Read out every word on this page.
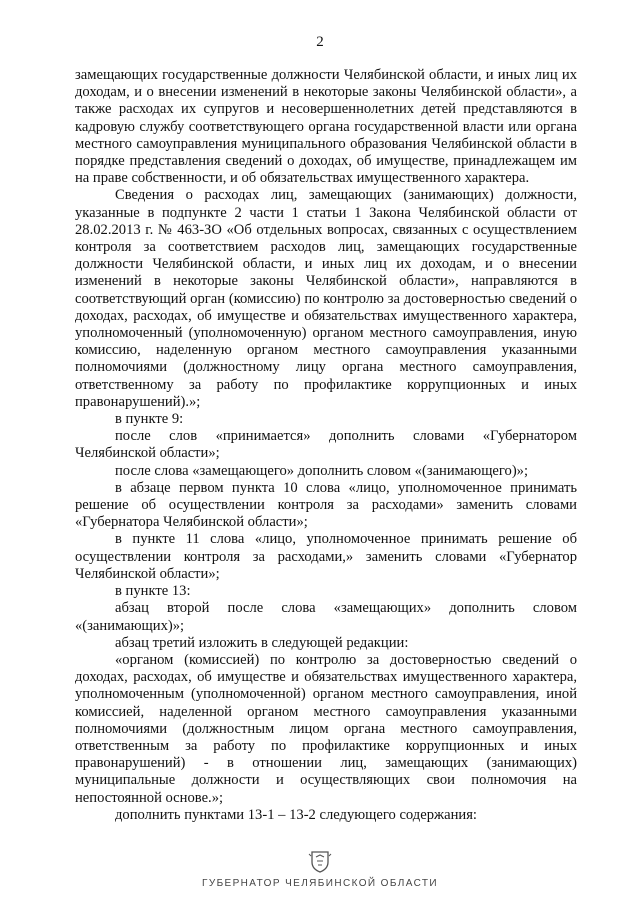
2

замещающих государственные должности Челябинской области, и иных лиц их доходам, и о внесении изменений в некоторые законы Челябинской области», а также расходах их супругов и несовершеннолетних детей представляются в кадровую службу соответствующего органа государственной власти или органа местного самоуправления муниципального образования Челябинской области в порядке представления сведений о доходах, об имуществе, принадлежащем им на праве собственности, и об обязательствах имущественного характера.

Сведения о расходах лиц, замещающих (занимающих) должности, указанные в подпункте 2 части 1 статьи 1 Закона Челябинской области от 28.02.2013 г. № 463-ЗО «Об отдельных вопросах, связанных с осуществлением контроля за соответствием расходов лиц, замещающих государственные должности Челябинской области, и иных лиц их доходам, и о внесении изменений в некоторые законы Челябинской области», направляются в соответствующий орган (комиссию) по контролю за достоверностью сведений о доходах, расходах, об имуществе и обязательствах имущественного характера, уполномоченный (уполномоченную) органом местного самоуправления, иную комиссию, наделенную органом местного самоуправления указанными полномочиями (должностному лицу органа местного самоуправления, ответственному за работу по профилактике коррупционных и иных правонарушений).»;

в пункте 9:

после слов «принимается» дополнить словами «Губернатором Челябинской области»;

после слова «замещающего» дополнить словом «(занимающего)»;

в абзаце первом пункта 10 слова «лицо, уполномоченное принимать решение об осуществлении контроля за расходами» заменить словами «Губернатора Челябинской области»;

в пункте 11 слова «лицо, уполномоченное принимать решение об осуществлении контроля за расходами,» заменить словами «Губернатор Челябинской области»;

в пункте 13:

абзац второй после слова «замещающих» дополнить словом «(занимающих)»;

абзац третий изложить в следующей редакции:

«органом (комиссией) по контролю за достоверностью сведений о доходах, расходах, об имуществе и обязательствах имущественного характера, уполномоченным (уполномоченной) органом местного самоуправления, иной комиссией, наделенной органом местного самоуправления указанными полномочиями (должностным лицом органа местного самоуправления, ответственным за работу по профилактике коррупционных и иных правонарушений) - в отношении лиц, замещающих (занимающих) муниципальные должности и осуществляющих свои полномочия на непостоянной основе.»;

дополнить пунктами 13-1 – 13-2 следующего содержания:

ГУБЕРНАТОР ЧЕЛЯБИНСКОЙ ОБЛАСТИ
